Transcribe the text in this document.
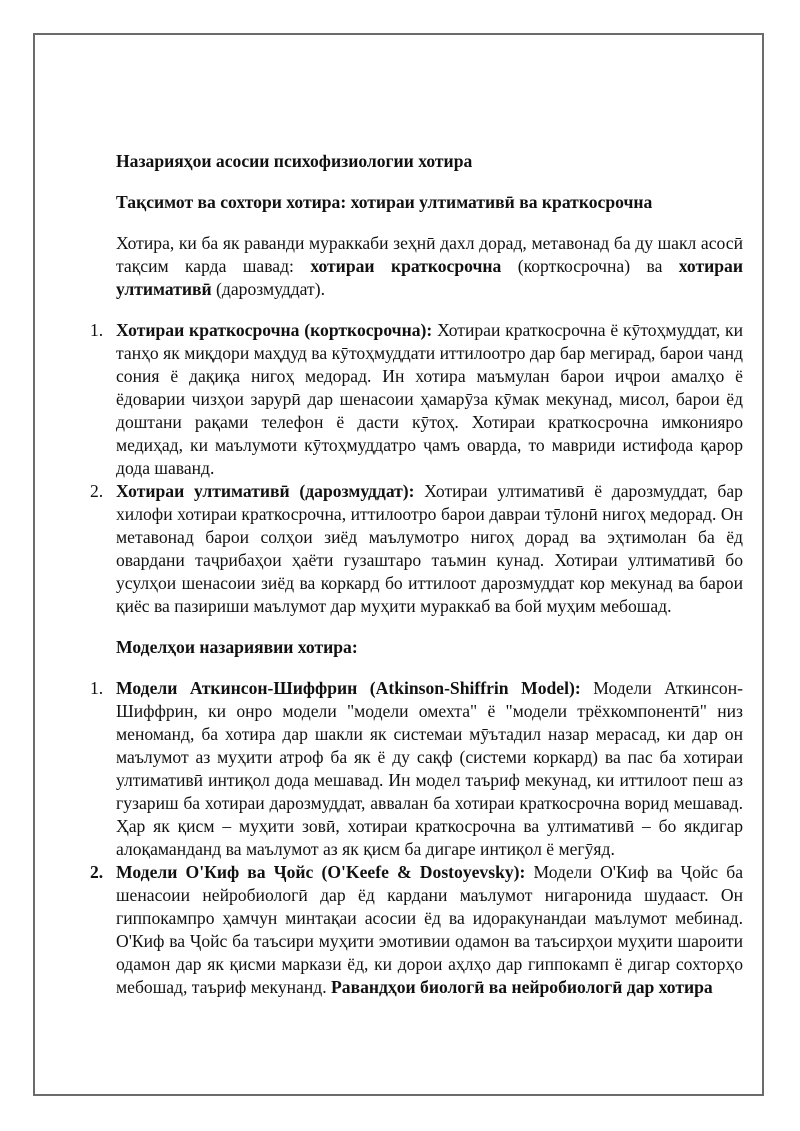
Назарияҳои асосии психофизиологии хотира
Тақсимот ва сохтори хотира: хотираи ултимативӣ ва краткосрочна

Хотира, ки ба як раванди мураккаби зеҳнӣ дахл дорад, метавонад ба ду шакл асосӣ тақсим карда шавад: хотираи краткосрочна (корткосрочна) ва хотираи ултимативӣ (дарозмуддат).

1. Хотираи краткосрочна (корткосрочна): Хотираи краткосрочна ё кӯтоҳмуддат, ки танҳо як миқдори маҳдуд ва кӯтоҳмуддати иттилоотро дар бар мегирад, барои чанд сония ё дақиқа нигоҳ медорад. Ин хотира маъмулан барои иҷрои амалҳо ё ёдоварии чизҳои зарурӣ дар шенасоии ҳамарӯза кӯмак мекунад, мисол, барои ёд доштани рақами телефон ё дасти кӯтоҳ. Хотираи краткосрочна имконияро медиҳад, ки маълумоти кӯтоҳмуддатро ҷамъ оварда, то мавриди истифода қарор дода шаванд.
2. Хотираи ултимативӣ (дарозмуддат): Хотираи ултимативӣ ё дарозмуддат, бар хилофи хотираи краткосрочна, иттилоотро барои давраи тӯлонӣ нигоҳ медорад. Он метавонад барои солҳои зиёд маълумотро нигоҳ дорад ва эҳтимолан ба ёд овардани таҷрибаҳои ҳаёти гузаштаро таъмин кунад. Хотираи ултимативӣ бо усулҳои шенасоии зиёд ва коркард бо иттилоот дарозмуддат кор мекунад ва барои қиёс ва пазириши маълумот дар муҳити мураккаб ва бой муҳим мебошад.
Моделҳои назариявии хотира:
1. Модели Аткинсон-Шиффрин (Atkinson-Shiffrin Model): Модели Аткинсон-Шиффрин, ки онро модели "модели омехта" ё "модели трёхкомпонентӣ" низ меноманд, ба хотира дар шакли як системаи мӯътадил назар мерасад, ки дар он маълумот аз муҳити атроф ба як ё ду сақф (системи коркард) ва пас ба хотираи ултимативӣ интиқол дода мешавад. Ин модел таъриф мекунад, ки иттилоот пеш аз гузариш ба хотираи дарозмуддат, аввалан ба хотираи краткосрочна ворид мешавад. Ҳар як қисм – муҳити зовӣ, хотираи краткосрочна ва ултимативӣ – бо якдигар алоқаманданд ва маълумот аз як қисм ба дигаре интиқол ё мегӯяд.
2. Модели О'Киф ва Ҷойс (O'Keefe & Dostoyevsky): Модели О'Киф ва Ҷойс ба шенасоии нейробиологӣ дар ёд кардани маълумот нигаронида шудааст. Он гиппокампро ҳамчун минтақаи асосии ёд ва идоракунандаи маълумот мебинад. О'Киф ва Ҷойс ба таъсири муҳити эмотивии одамон ва таъсирҳои муҳити шароити одамон дар як қисми маркази ёд, ки дорои аҳлҳо дар гиппокамп ё дигар сохторҳо мебошад, таъриф мекунанд. Равандҳои биологӣ ва нейробиологӣ дар хотира
